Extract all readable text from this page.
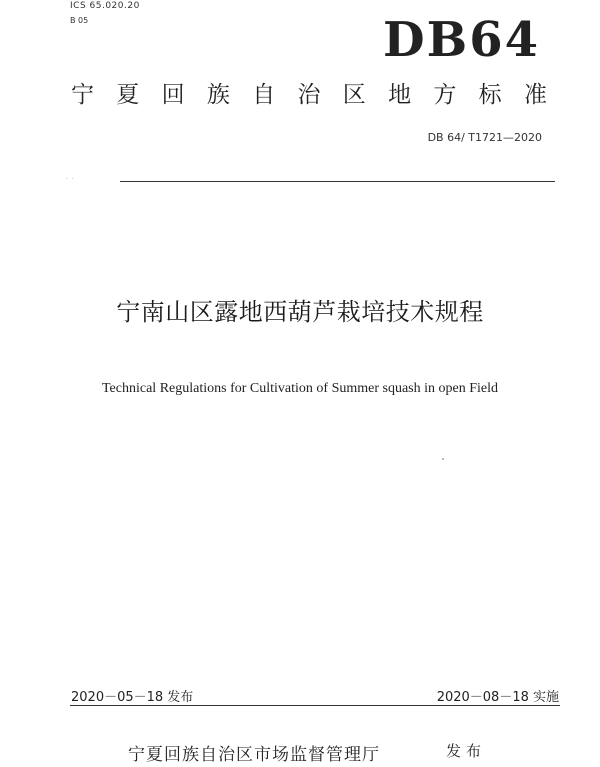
ICS 65.020.20
B 05	DB64
宁 夏 回 族 自 治 区 地 方 标 准
DB 64/ T1721—2020
· ·
宁南山区露地西葫芦栽培技术规程
Technical Regulations for Cultivation of Summer squash in open Field
2020－05－18 发布	2020－08－18 实施
宁夏回族自治区市场监督管理厅	发布
